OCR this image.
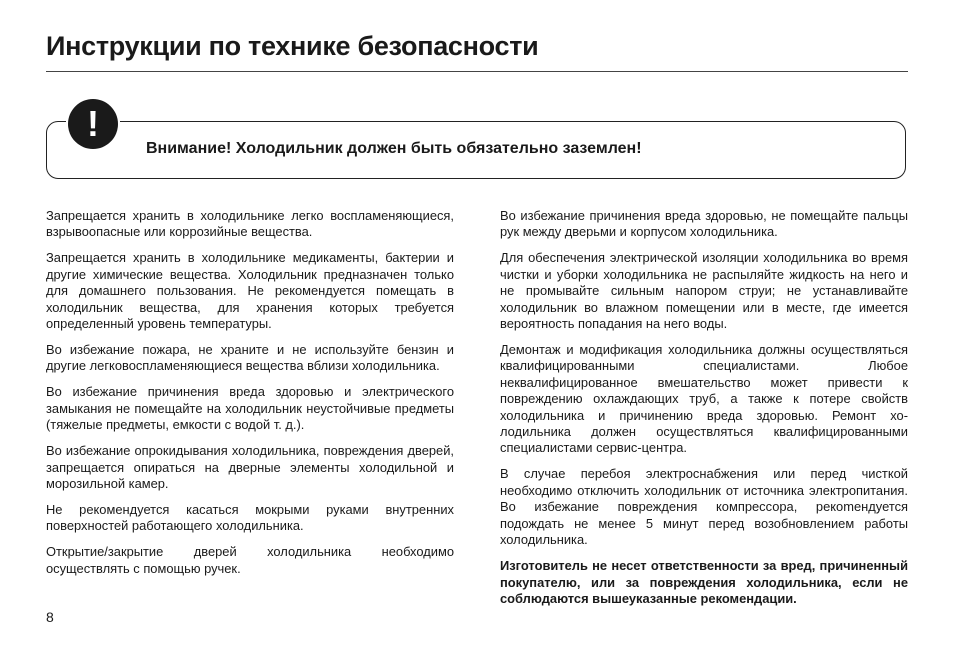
Инструкции по технике безопасности
!
Внимание! Холодильник должен быть обязательно заземлен!

Запрещается хранить в холодильнике легко воспламеняющиеся, взрывоопасные или коррозийные вещества.

Запрещается хранить в холодильнике медикаменты, бактерии и другие химические вещества. Холодильник предназначен только для домашнего пользования. Не рекомендуется помещать в холодильник вещества, для хранения которых требуется определенный уровень температуры.

Во избежание пожара, не храните и не используйте бензин и другие легковоспламеняющиеся вещества вблизи холодильника.

Во избежание причинения вреда здоровью и электрического замыкания не помещайте на холодильник неустойчивые предметы (тяжелые предметы, емкости с водой т. д.).

Во избежание опрокидывания холодильника, повреждения дверей, запрещается опираться на дверные элементы холодильной и морозильной камер.

Не рекомендуется касаться мокрыми руками внутренних поверхностей работающего холодильника.

Открытие/закрытие дверей холодильника необходимо осуществлять с помощью ручек.

Во избежание причинения вреда здоровью, не помещайте пальцы рук между дверьми и корпусом холодильника.

Для обеспечения электрической изоляции холодильника во время чистки и уборки холодильника не распыляйте жидкость на него и не промывайте сильным напором струи; не устанавливайте холодильник во влажном помещении или в месте, где имеется вероятность попадания на него воды.

Демонтаж и модификация холодильника должны осуществляться квалифицированными специалистами. Любое неквалифицированное вмешательство может привести к повреждению охлаждающих труб, а также к потере свойств холодильника и причинению вреда здоровью. Ремонт холодильника должен осуществляться квалифицированными специалистами сервис-центра.

В случае перебоя электроснабжения или перед чисткой необходимо отключить холодильник от источника электропитания. Во избежание повреждения компрессора, рекоmендуется подождать не менее 5 минут перед возобновлением работы холодильника.

Изготовитель не несет ответственности за вред, причиненный покупателю, или за повреждения холодильника, если не соблюдаются вышеуказанные рекомендации.

8
